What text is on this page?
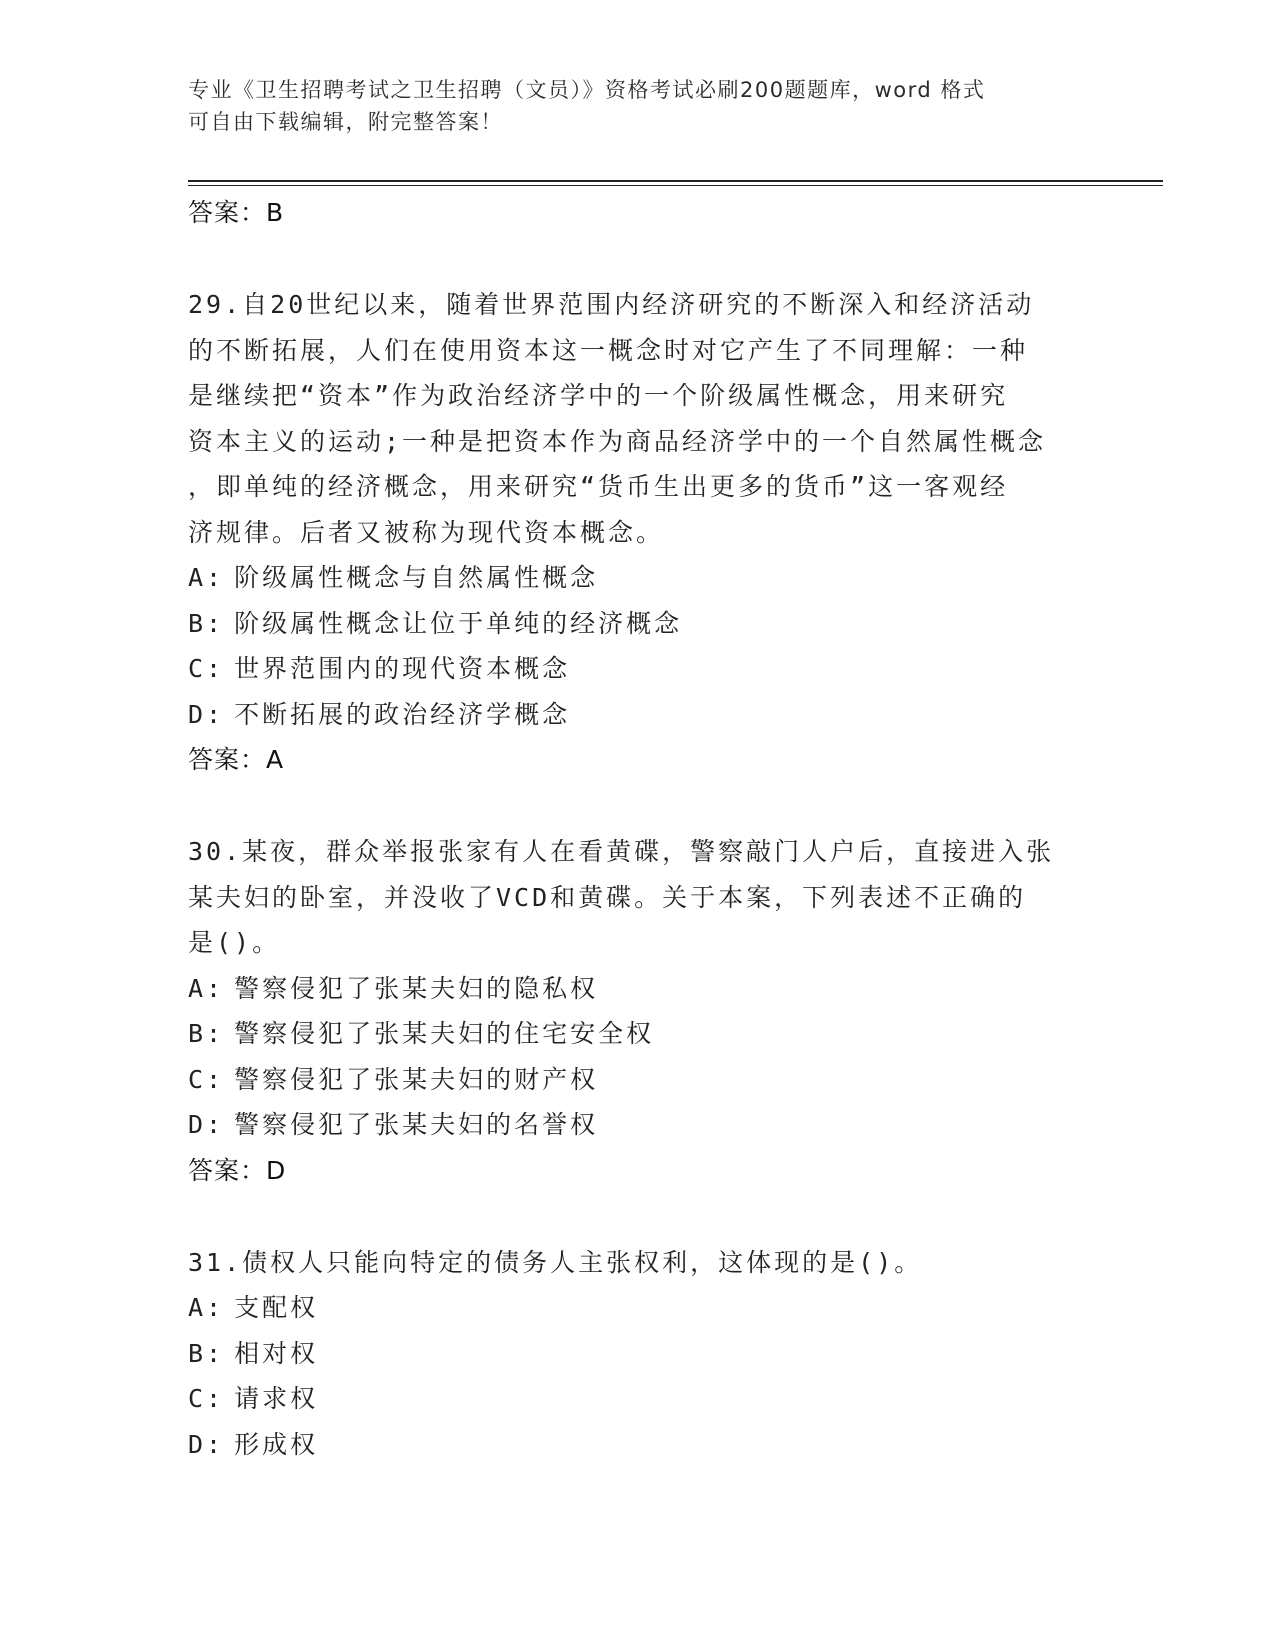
专业《卫生招聘考试之卫生招聘（文员）》资格考试必刷200题题库，word 格式
可自由下载编辑，附完整答案！
答案：B
29.自20世纪以来，随着世界范围内经济研究的不断深入和经济活动
的不断拓展，人们在使用资本这一概念时对它产生了不同理解：一种
是继续把“资本”作为政治经济学中的一个阶级属性概念，用来研究
资本主义的运动;一种是把资本作为商品经济学中的一个自然属性概念
，即单纯的经济概念，用来研究“货币生出更多的货币”这一客观经
济规律。后者又被称为现代资本概念。
A: 阶级属性概念与自然属性概念
B: 阶级属性概念让位于单纯的经济概念
C: 世界范围内的现代资本概念
D: 不断拓展的政治经济学概念
答案：A
30.某夜，群众举报张家有人在看黄碟，警察敲门人户后，直接进入张
某夫妇的卧室，并没收了VCD和黄碟。关于本案，下列表述不正确的
是()。
A: 警察侵犯了张某夫妇的隐私权
B: 警察侵犯了张某夫妇的住宅安全权
C: 警察侵犯了张某夫妇的财产权
D: 警察侵犯了张某夫妇的名誉权
答案：D
31.债权人只能向特定的债务人主张权利，这体现的是()。
A: 支配权
B: 相对权
C: 请求权
D: 形成权
